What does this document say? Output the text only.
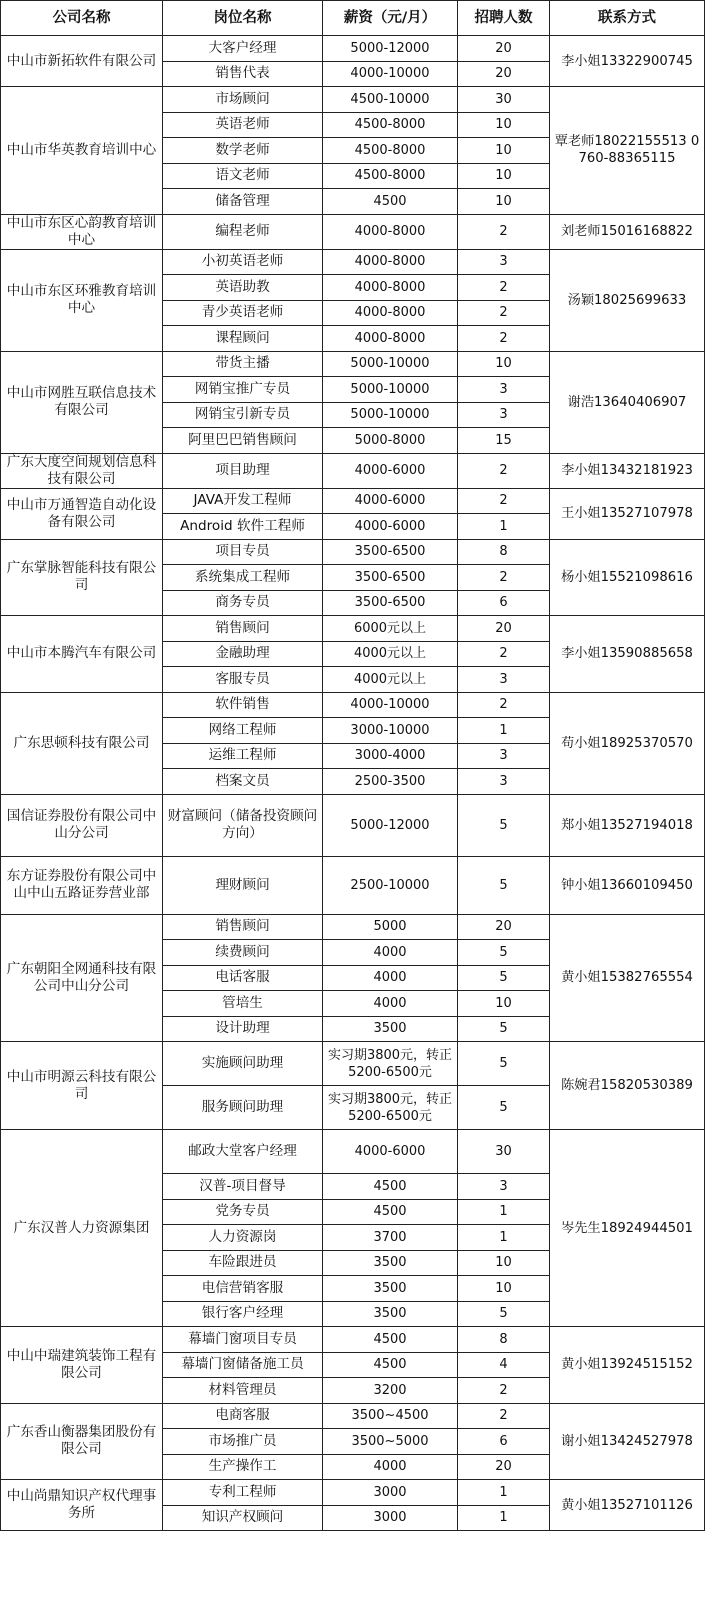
公司名称	岗位名称	薪资（元/月）	招聘人数	联系方式
中山市新拓软件有限公司	大客户经理	5000-12000	20	李小姐13322900745
	销售代表	4000-10000	20	
中山市华英教育培训中心	市场顾问	4500-10000	30	覃老师18022155513 0760-88365115
	英语老师	4500-8000	10	
	数学老师	4500-8000	10	
	语文老师	4500-8000	10	
	储备管理	4500	10	
中山市东区心韵教育培训中心	编程老师	4000-8000	2	刘老师15016168822
中山市东区环雅教育培训中心	小初英语老师	4000-8000	3	汤颖18025699633
	英语助教	4000-8000	2	
	青少英语老师	4000-8000	2	
	课程顾问	4000-8000	2	
中山市网胜互联信息技术有限公司	带货主播	5000-10000	10	谢浩13640406907
	网销宝推广专员	5000-10000	3	
	网销宝引新专员	5000-10000	3	
	阿里巴巴销售顾问	5000-8000	15	
广东大度空间规划信息科技有限公司	项目助理	4000-6000	2	李小姐13432181923
中山市万通智造自动化设备有限公司	JAVA开发工程师	4000-6000	2	王小姐13527107978
	Android 软件工程师	4000-6000	1	
广东掌脉智能科技有限公司	项目专员	3500-6500	8	杨小姐15521098616
	系统集成工程师	3500-6500	2	
	商务专员	3500-6500	6	
中山市本腾汽车有限公司	销售顾问	6000元以上	20	李小姐13590885658
	金融助理	4000元以上	2	
	客服专员	4000元以上	3	
广东思顿科技有限公司	软件销售	4000-10000	2	苟小姐18925370570
	网络工程师	3000-10000	1	
	运维工程师	3000-4000	3	
	档案文员	2500-3500	3	
国信证券股份有限公司中山分公司	财富顾问（储备投资顾问方向）	5000-12000	5	郑小姐13527194018
东方证券股份有限公司中山中山五路证券营业部	理财顾问	2500-10000	5	钟小姐13660109450
广东朝阳全网通科技有限公司中山分公司	销售顾问	5000	20	黄小姐15382765554
	续费顾问	4000	5	
	电话客服	4000	5	
	管培生	4000	10	
	设计助理	3500	5	
中山市明源云科技有限公司	实施顾问助理	实习期3800元，转正5200-6500元	5	陈婉君15820530389
	服务顾问助理	实习期3800元，转正5200-6500元	5	
广东汉普人力资源集团	邮政大堂客户经理	4000-6000	30	岑先生18924944501
	汉普-项目督导	4500	3	
	党务专员	4500	1	
	人力资源岗	3700	1	
	车险跟进员	3500	10	
	电信营销客服	3500	10	
	银行客户经理	3500	5	
中山中瑞建筑装饰工程有限公司	幕墙门窗项目专员	4500	8	黄小姐13924515152
	幕墙门窗储备施工员	4500	4	
	材料管理员	3200	2	
广东香山衡器集团股份有限公司	电商客服	3500~4500	2	谢小姐13424527978
	市场推广员	3500~5000	6	
	生产操作工	4000	20	
中山尚鼎知识产权代理事务所	专利工程师	3000	1	黄小姐13527101126
	知识产权顾问	3000	1	
